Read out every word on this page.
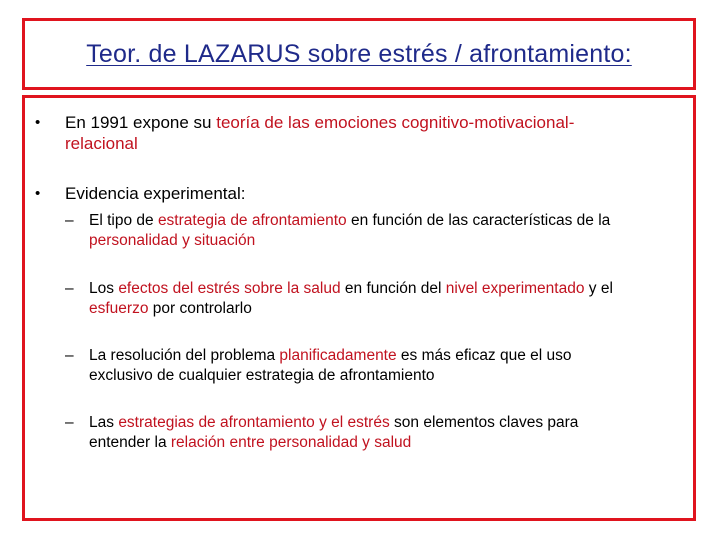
Teor. de LAZARUS sobre estrés / afrontamiento:
• En 1991 expone su teoría de las emociones cognitivo-motivacional-
relacional
• Evidencia experimental:
– El tipo de estrategia de afrontamiento en función de las características de la
personalidad y situación
– Los efectos del estrés sobre la salud en función del nivel experimentado y el
esfuerzo por controlarlo
– La resolución del problema planificadamente es más eficaz que el uso
exclusivo de cualquier estrategia de afrontamiento
– Las estrategias de afrontamiento y el estrés son elementos claves para
entender la relación entre personalidad y salud
